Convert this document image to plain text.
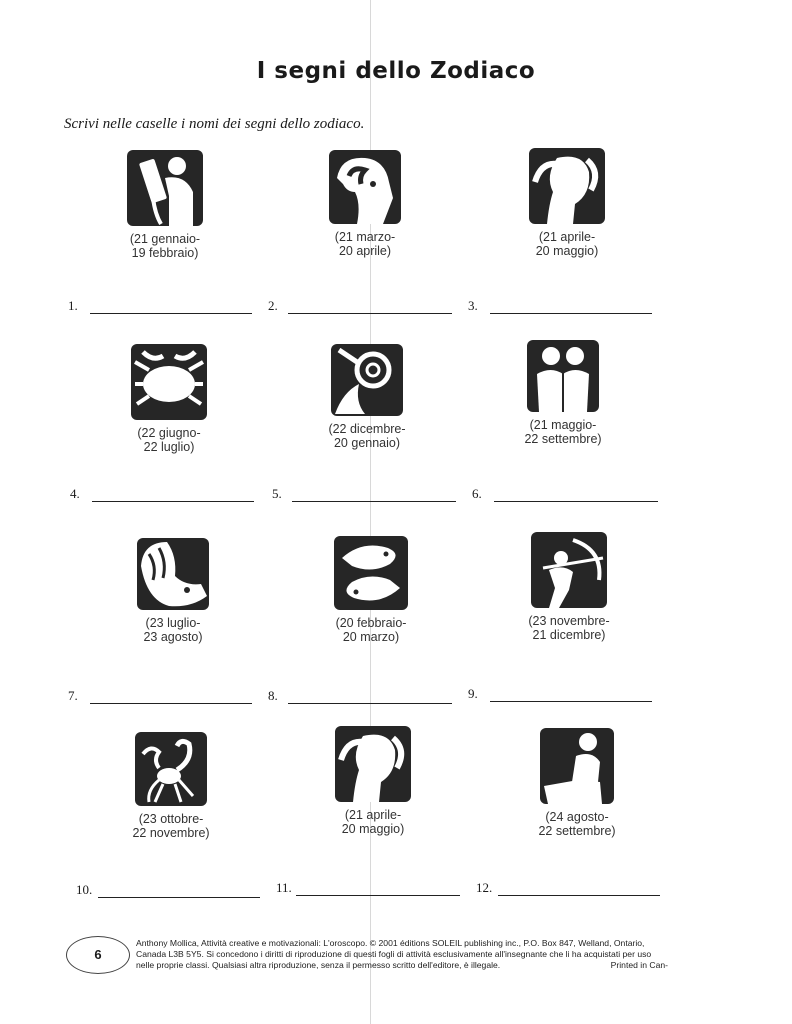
I segni dello Zodiaco
Scrivi nelle caselle i nomi dei segni dello zodiaco.
(21 gennaio-
19 febbraio)
(21 marzo-
20 aprile)
(21 aprile-
20 maggio)
1.	2.	3.
(22 giugno-
22 luglio)
(22 dicembre-
20 gennaio)
(21 maggio-
22 settembre)
4.	5.	6.
(23 luglio-
23 agosto)
(20 febbraio-
20 marzo)
(23 novembre-
21 dicembre)
7.	8.	9.
(23 ottobre-
22 novembre)
(21 aprile-
20 maggio)
(24 agosto-
22 settembre)
10.	11.	12.
6
Anthony Mollica, Attività creative e motivazionali: L'oroscopo. © 2001 éditions SOLEIL publishing inc., P.O. Box 847, Welland, Ontario,
Canada L3B 5Y5. Si concedono i diritti di riproduzione di questi fogli di attività esclusivamente all'insegnante che li ha acquistati per uso
nelle proprie classi. Qualsiasi altra riproduzione, senza il permesso scritto dell'editore, è illegale.	Printed in Can-
